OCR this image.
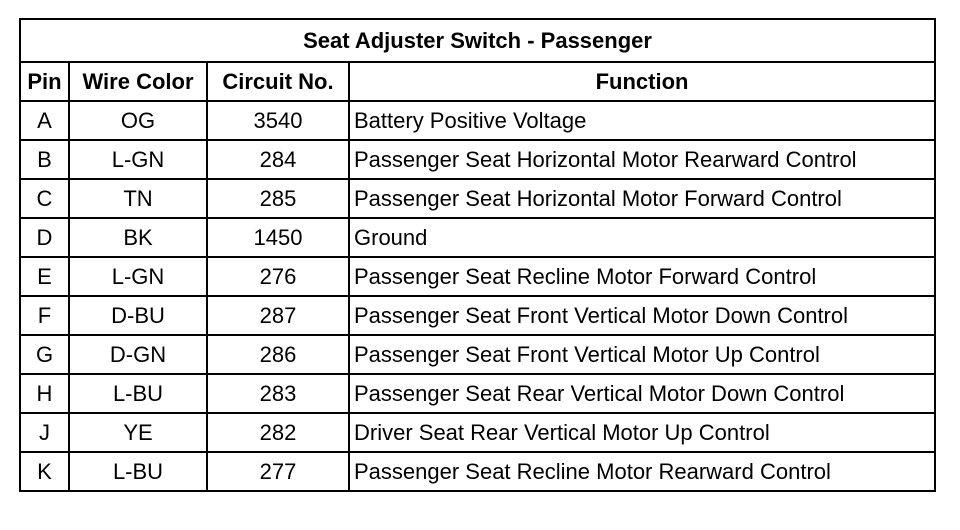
Seat Adjuster Switch - Passenger			
Pin	Wire Color	Circuit No.	Function
A	OG	3540	Battery Positive Voltage
B	L-GN	284	Passenger Seat Horizontal Motor Rearward Control
C	TN	285	Passenger Seat Horizontal Motor Forward Control
D	BK	1450	Ground
E	L-GN	276	Passenger Seat Recline Motor Forward Control
F	D-BU	287	Passenger Seat Front Vertical Motor Down Control
G	D-GN	286	Passenger Seat Front Vertical Motor Up Control
H	L-BU	283	Passenger Seat Rear Vertical Motor Down Control
J	YE	282	Driver Seat Rear Vertical Motor Up Control
K	L-BU	277	Passenger Seat Recline Motor Rearward Control
